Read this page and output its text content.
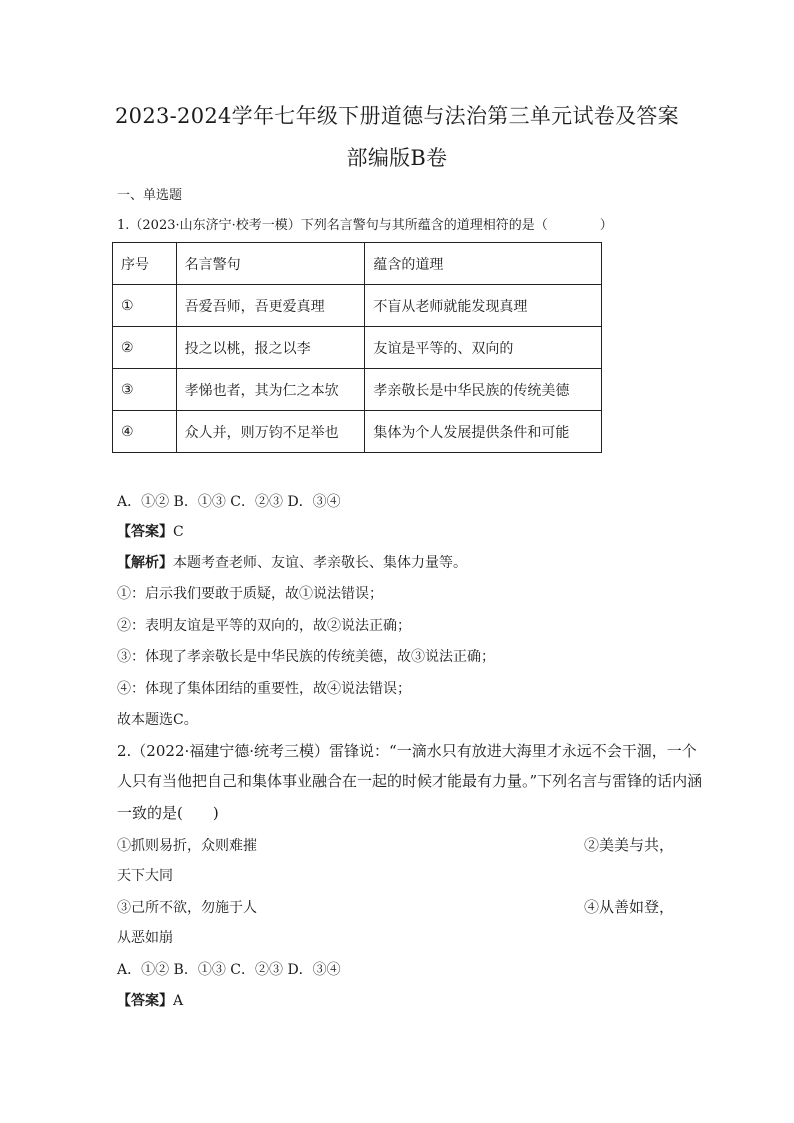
2023-2024学年七年级下册道德与法治第三单元试卷及答案
部编版B卷
一、单选题
1.（2023·山东济宁·校考一模）下列名言警句与其所蕴含的道理相符的是（　　　　）
序号	名言警句	蕴含的道理
①	吾爱吾师，吾更爱真理	不盲从老师就能发现真理
②	投之以桃，报之以李	友谊是平等的、双向的
③	孝悌也者，其为仁之本欤	孝亲敬长是中华民族的传统美德
④	众人并，则万钧不足举也	集体为个人发展提供条件和可能
A．①② B．①③ C．②③ D．③④
【答案】C
【解析】本题考查老师、友谊、孝亲敬长、集体力量等。
①：启示我们要敢于质疑，故①说法错误；
②：表明友谊是平等的双向的，故②说法正确；
③：体现了孝亲敬长是中华民族的传统美德，故③说法正确；
④：体现了集体团结的重要性，故④说法错误；
故本题选C。
2.（2022·福建宁德·统考三模）雷锋说：“一滴水只有放进大海里才永远不会干涸，一个
人只有当他把自己和集体事业融合在一起的时候才能最有力量。”下列名言与雷锋的话内涵
一致的是(　　)
①抓则易折，众则难摧	②美美与共，
天下大同
③己所不欲，勿施于人	④从善如登，
从恶如崩
A．①② B．①③ C．②③ D．③④
【答案】A
